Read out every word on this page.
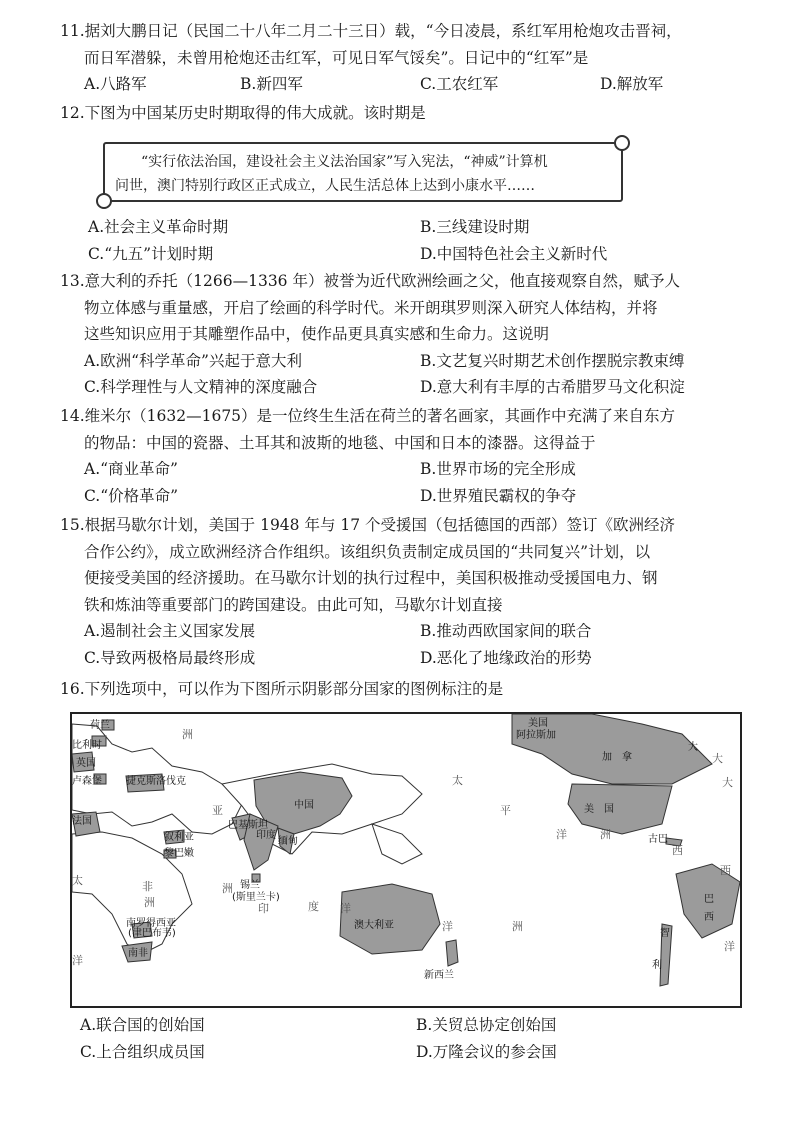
11.据刘大鹏日记（民国二十八年二月二十三日）载，“今日凌晨，系红军用枪炮攻击晋祠，
而日军潜躲，未曾用枪炮还击红军，可见日军气馁矣”。日记中的“红军”是
A.八路军	B.新四军	C.工农红军	D.解放军
12.下图为中国某历史时期取得的伟大成就。该时期是
“实行依法治国，建设社会主义法治国家”写入宪法，“神威”计算机
问世，澳门特别行政区正式成立，人民生活总体上达到小康水平……
A.社会主义革命时期	B.三线建设时期
C.“九五”计划时期	D.中国特色社会主义新时代
13.意大利的乔托（1266—1336 年）被誉为近代欧洲绘画之父，他直接观察自然，赋予人
物立体感与重量感，开启了绘画的科学时代。米开朗琪罗则深入研究人体结构，并将
这些知识应用于其雕塑作品中，使作品更具真实感和生命力。这说明
A.欧洲“科学革命”兴起于意大利	B.文艺复兴时期艺术创作摆脱宗教束缚
C.科学理性与人文精神的深度融合	D.意大利有丰厚的古希腊罗马文化积淀
14.维米尔（1632—1675）是一位终生生活在荷兰的著名画家，其画作中充满了来自东方
的物品：中国的瓷器、土耳其和波斯的地毯、中国和日本的漆器。这得益于
A.“商业革命”	B.世界市场的完全形成
C.“价格革命”	D.世界殖民霸权的争夺
15.根据马歇尔计划，美国于 1948 年与 17 个受援国（包括德国的西部）签订《欧洲经济
合作公约》，成立欧洲经济合作组织。该组织负责制定成员国的“共同复兴”计划，以
便接受美国的经济援助。在马歇尔计划的执行过程中，美国积极推动受援国电力、钢
铁和炼油等重要部门的跨国建设。由此可知，马歇尔计划直接
A.遏制社会主义国家发展	B.推动西欧国家间的联合
C.导致两极格局最终形成	D.恶化了地缘政治的形势
16.下列选项中，可以作为下图所示阴影部分国家的图例标注的是
荷兰
比利时
英国
卢森堡
法国
捷克斯洛伐克
叙利亚
黎巴嫩
巴基斯坦
印度
缅甸
中国
锡兰
(斯里兰卡)
南罗得西亚
(津巴布韦)
南非
澳大利亚
新西兰
美国
阿拉斯加
加　拿
大
美　国
古巴
巴
西
智
利
洲
亚
洲
非
洲	印	度 洋
太
平
洋
洋	洲
大
西
洋
洲
太
大
西
洋
A.联合国的创始国	B.关贸总协定创始国
C.上合组织成员国	D.万隆会议的参会国
